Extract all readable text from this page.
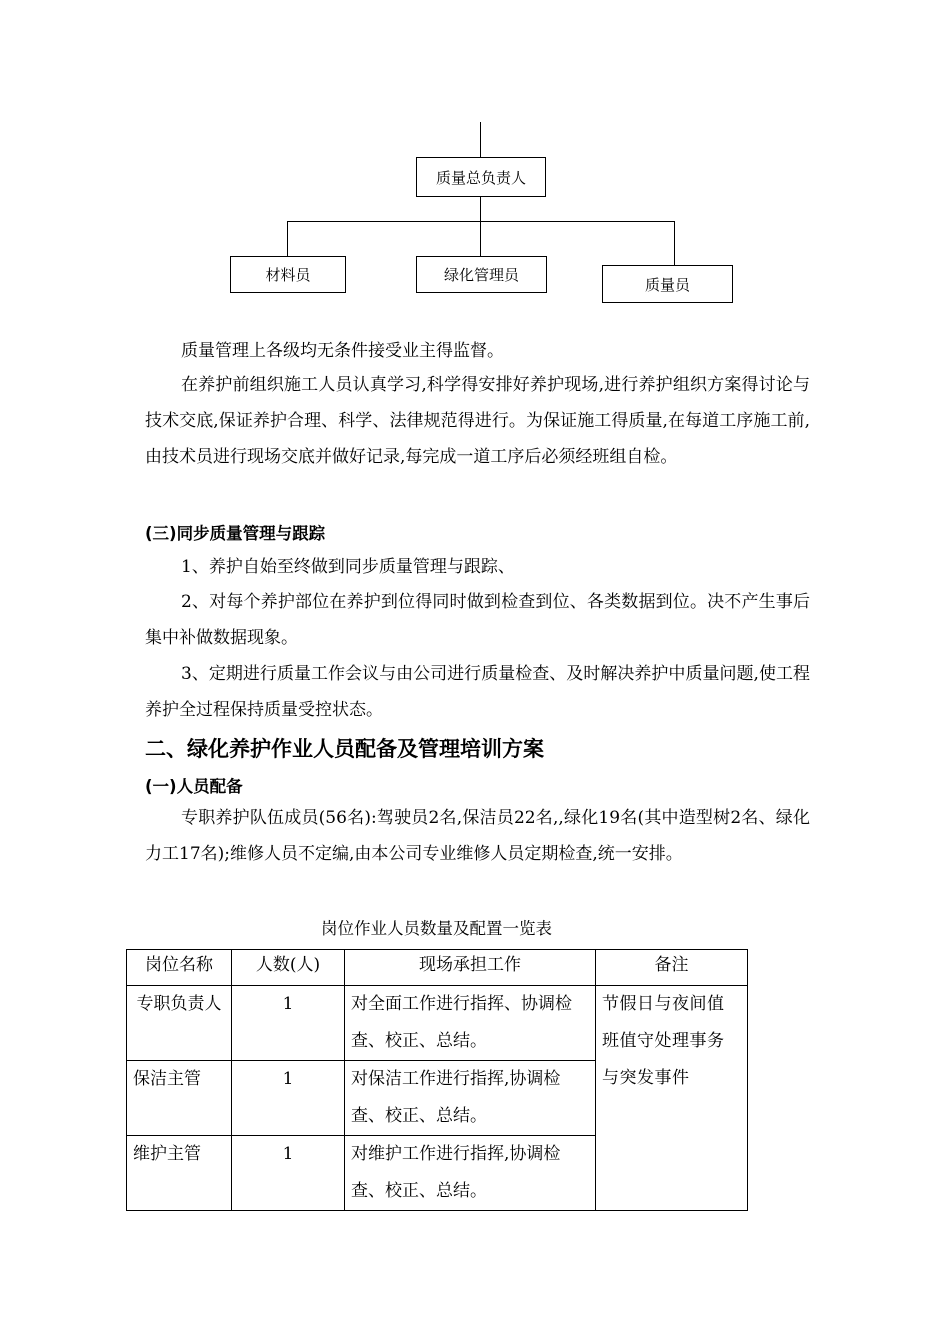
质量总负责人
材料员	绿化管理员
质量员
质量管理上各级均无条件接受业主得监督。
在养护前组织施工人员认真学习,科学得安排好养护现场,进行养护组织方案得讨论与技术交底,保证养护合理、科学、法律规范得进行。为保证施工得质量,在每道工序施工前,由技术员进行现场交底并做好记录,每完成一道工序后必须经班组自检。
(三)同步质量管理与跟踪
1、养护自始至终做到同步质量管理与跟踪、
2、对每个养护部位在养护到位得同时做到检查到位、各类数据到位。决不产生事后集中补做数据现象。
3、定期进行质量工作会议与由公司进行质量检查、及时解决养护中质量问题,使工程养护全过程保持质量受控状态。
二、绿化养护作业人员配备及管理培训方案
(一)人员配备
专职养护队伍成员(56名):驾驶员2名,保洁员22名,,绿化19名(其中造型树2名、绿化力工17名);维修人员不定编,由本公司专业维修人员定期检查,统一安排。
岗位作业人员数量及配置一览表
岗位名称	人数(人)	现场承担工作	备注
专职负责人	1	对全面工作进行指挥、协调检查、校正、总结。	节假日与夜间值班值守处理事务与突发事件
保洁主管	1	对保洁工作进行指挥,协调检查、校正、总结。	
维护主管	1	对维护工作进行指挥,协调检查、校正、总结。	
